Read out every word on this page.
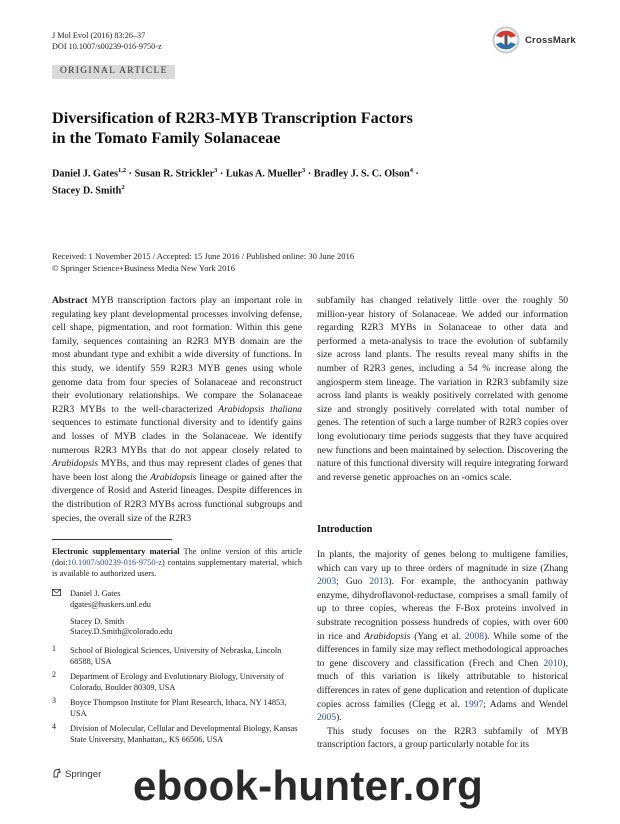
J Mol Evol (2016) 83:26–37
DOI 10.1007/s00239-016-9750-z
CrossMark
ORIGINAL ARTICLE
Diversification of R2R3-MYB Transcription Factors
in the Tomato Family Solanaceae
Daniel J. Gates$^{1,2}$ · Susan R. Strickler$^3$ · Lukas A. Mueller$^3$ · Bradley J. S. C. Olson$^4$ ·
Stacey D. Smith$^2$
Received: 1 November 2015 / Accepted: 15 June 2016 / Published online: 30 June 2016
© Springer Science+Business Media New York 2016

Abstract MYB transcription factors play an important role in regulating key plant developmental processes involving defense, cell shape, pigmentation, and root formation. Within this gene family, sequences containing an R2R3 MYB domain are the most abundant type and exhibit a wide diversity of functions. In this study, we identify 559 R2R3 MYB genes using whole genome data from four species of Solanaceae and reconstruct their evolutionary relationships. We compare the Solanaceae R2R3 MYBs to the well-characterized Arabidopsis thaliana sequences to estimate functional diversity and to identify gains and losses of MYB clades in the Solanaceae. We identify numerous R2R3 MYBs that do not appear closely related to Arabidopsis MYBs, and thus may represent clades of genes that have been lost along the Arabidopsis lineage or gained after the divergence of Rosid and Asterid lineages. Despite differences in the distribution of R2R3 MYBs across functional subgroups and species, the overall size of the R2R3

subfamily has changed relatively little over the roughly 50 million-year history of Solanaceae. We added our information regarding R2R3 MYBs in Solanaceae to other data and performed a meta-analysis to trace the evolution of subfamily size across land plants. The results reveal many shifts in the number of R2R3 genes, including a 54 % increase along the angiosperm stem lineage. The variation in R2R3 subfamily size across land plants is weakly positively correlated with genome size and strongly positively correlated with total number of genes. The retention of such a large number of R2R3 copies over long evolutionary time periods suggests that they have acquired new functions and been maintained by selection. Discovering the nature of this functional diversity will require integrating forward and reverse genetic approaches on an -omics scale.

Introduction

In plants, the majority of genes belong to multigene families, which can vary up to three orders of magnitude in size (Zhang 2003; Guo 2013). For example, the anthocyanin pathway enzyme, dihydroflavonol-reductase, comprises a small family of up to three copies, whereas the F-Box proteins involved in substrate recognition possess hundreds of copies, with over 600 in rice and Arabidopsis (Yang et al. 2008). While some of the differences in family size may reflect methodological approaches to gene discovery and classification (Frech and Chen 2010), much of this variation is likely attributable to historical differences in rates of gene duplication and retention of duplicate copies across families (Clegg et al. 1997; Adams and Wendel 2005).

This study focuses on the R2R3 subfamily of MYB transcription factors, a group particularly notable for its

Electronic supplementary material The online version of this article (doi:10.1007/s00239-016-9750-z) contains supplementary material, which is available to authorized users.
Daniel J. Gates
dgates@huskers.unl.edu
Stacey D. Smith
Stacey.D.Smith@colorado.edu
1 School of Biological Sciences, University of Nebraska, Lincoln 68588, USA
2 Department of Ecology and Evolutionary Biology, University of Colorado, Boulder 80309, USA
3 Boyce Thompson Institute for Plant Research, Ithaca, NY 14853, USA
4 Division of Molecular, Cellular and Developmental Biology, Kansas State University, Manhattan,, KS 66506, USA
Springer ebook-hunter.org
